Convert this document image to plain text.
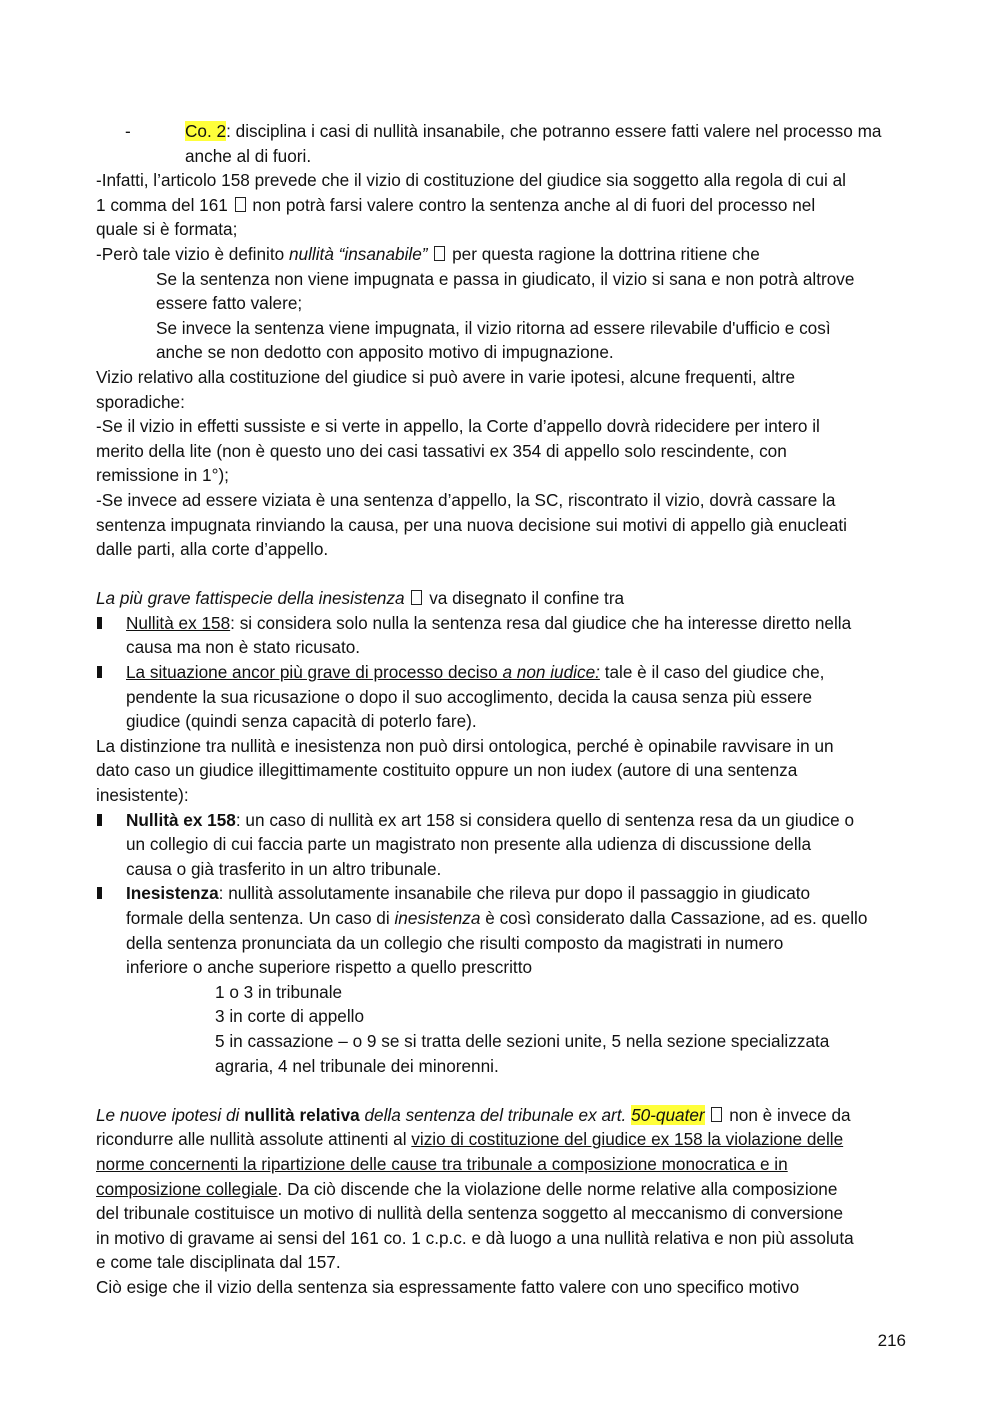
-	Co. 2: disciplina i casi di nullità insanabile, che potranno essere fatti valere nel processo ma
anche al di fuori.
-Infatti, l’articolo 158 prevede che il vizio di costituzione del giudice sia soggetto alla regola di cui al
1 comma del 161 non potrà farsi valere contro la sentenza anche al di fuori del processo nel
quale si è formata;
-Però tale vizio è definito nullità “insanabile” per questa ragione la dottrina ritiene che
Se la sentenza non viene impugnata e passa in giudicato, il vizio si sana e non potrà altrove
essere fatto valere;
Se invece la sentenza viene impugnata, il vizio ritorna ad essere rilevabile d'ufficio e così
anche se non dedotto con apposito motivo di impugnazione.
Vizio relativo alla costituzione del giudice si può avere in varie ipotesi, alcune frequenti, altre
sporadiche:
-Se il vizio in effetti sussiste e si verte in appello, la Corte d’appello dovrà ridecidere per intero il
merito della lite (non è questo uno dei casi tassativi ex 354 di appello solo rescindente, con
remissione in 1°);
-Se invece ad essere viziata è una sentenza d’appello, la SC, riscontrato il vizio, dovrà cassare la
sentenza impugnata rinviando la causa, per una nuova decisione sui motivi di appello già enucleati
dalle parti, alla corte d’appello.
La più grave fattispecie della inesistenza va disegnato il confine tra
Nullità ex 158: si considera solo nulla la sentenza resa dal giudice che ha interesse diretto nella
causa ma non è stato ricusato.
La situazione ancor più grave di processo deciso a non iudice: tale è il caso del giudice che,
pendente la sua ricusazione o dopo il suo accoglimento, decida la causa senza più essere
giudice (quindi senza capacità di poterlo fare).
La distinzione tra nullità e inesistenza non può dirsi ontologica, perché è opinabile ravvisare in un
dato caso un giudice illegittimamente costituito oppure un non iudex (autore di una sentenza
inesistente):
Nullità ex 158: un caso di nullità ex art 158 si considera quello di sentenza resa da un giudice o
un collegio di cui faccia parte un magistrato non presente alla udienza di discussione della
causa o già trasferito in un altro tribunale.
Inesistenza: nullità assolutamente insanabile che rileva pur dopo il passaggio in giudicato
formale della sentenza. Un caso di inesistenza è così considerato dalla Cassazione, ad es. quello
della sentenza pronunciata da un collegio che risulti composto da magistrati in numero
inferiore o anche superiore rispetto a quello prescritto
1 o 3 in tribunale
3 in corte di appello
5 in cassazione – o 9 se si tratta delle sezioni unite, 5 nella sezione specializzata
agraria, 4 nel tribunale dei minorenni.
Le nuove ipotesi di nullità relativa della sentenza del tribunale ex art. 50-quater non è invece da
ricondurre alle nullità assolute attinenti al vizio di costituzione del giudice ex 158 la violazione delle
norme concernenti la ripartizione delle cause tra tribunale a composizione monocratica e in
composizione collegiale. Da ciò discende che la violazione delle norme relative alla composizione
del tribunale costituisce un motivo di nullità della sentenza soggetto al meccanismo di conversione
in motivo di gravame ai sensi del 161 co. 1 c.p.c. e dà luogo a una nullità relativa e non più assoluta
e come tale disciplinata dal 157.
Ciò esige che il vizio della sentenza sia espressamente fatto valere con uno specifico motivo
216
